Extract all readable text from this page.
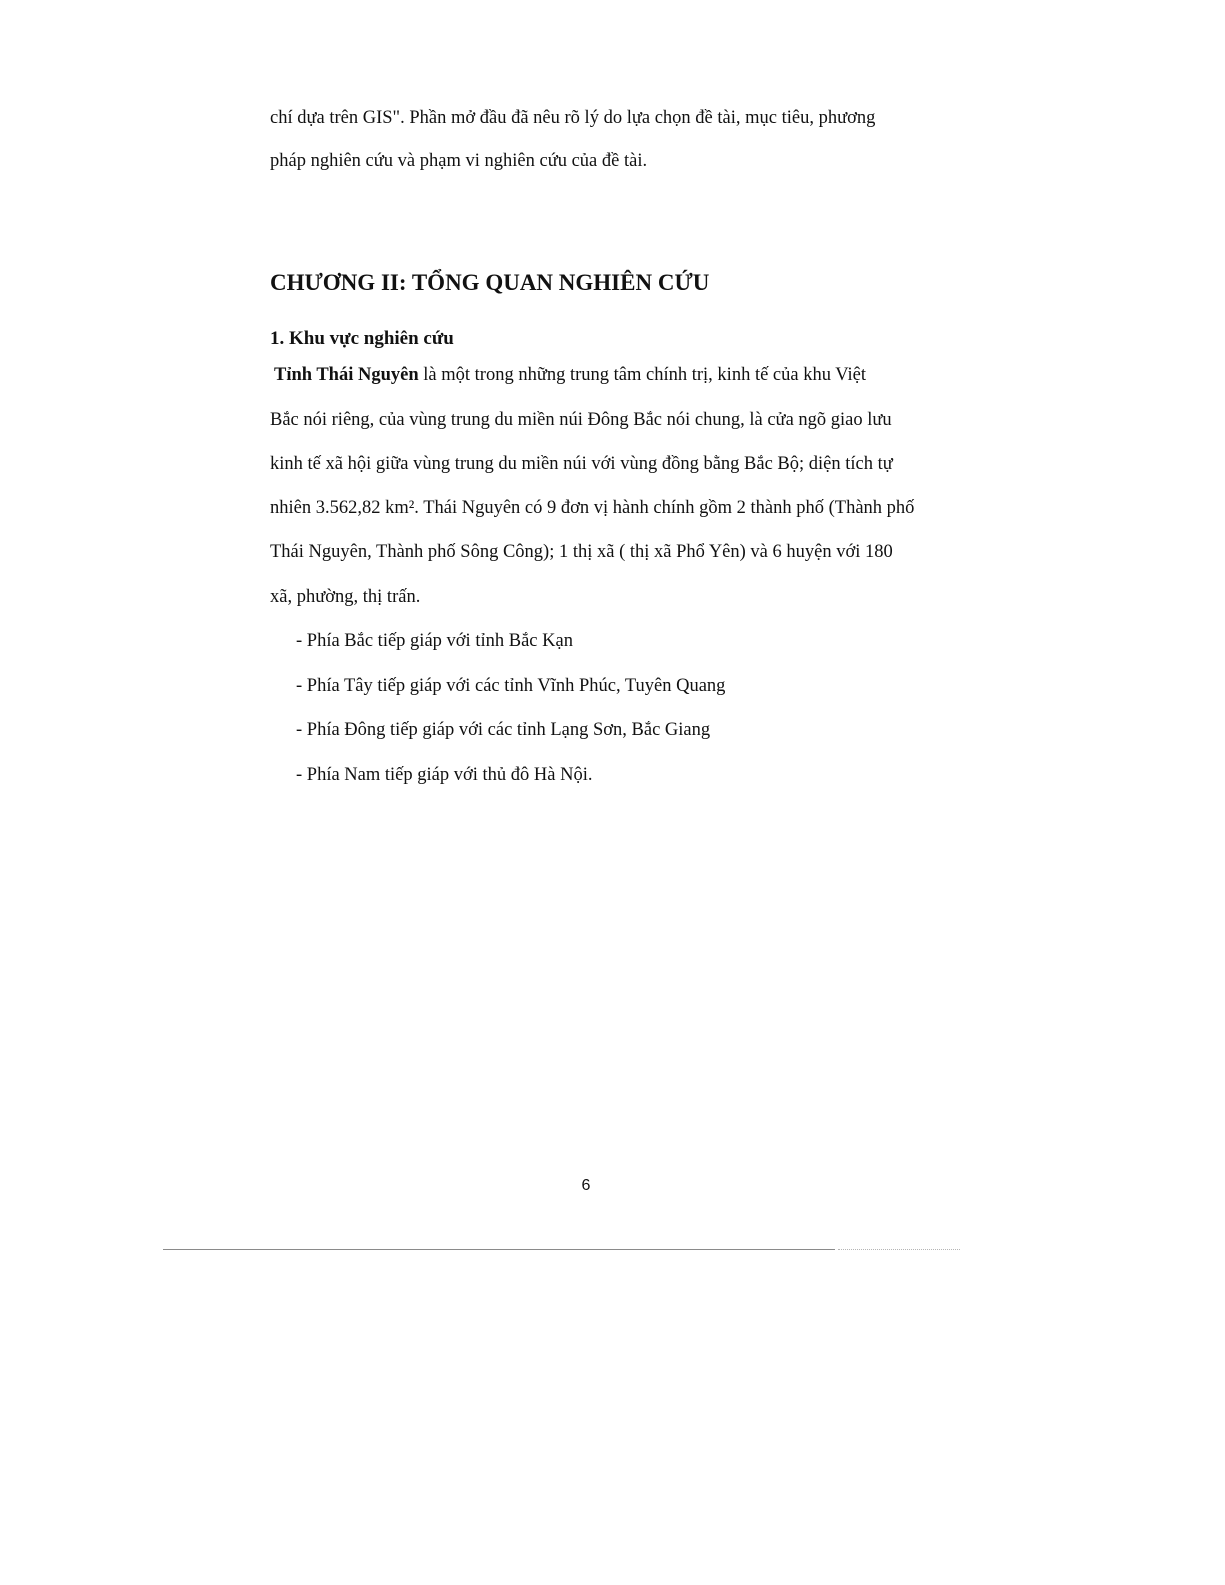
chí dựa trên GIS". Phần mở đầu đã nêu rõ lý do lựa chọn đề tài, mục tiêu, phương
pháp nghiên cứu và phạm vi nghiên cứu của đề tài.
CHƯƠNG II: TỔNG QUAN NGHIÊN CỨU
1. Khu vực nghiên cứu
Tỉnh Thái Nguyên là một trong những trung tâm chính trị, kinh tế của khu Việt
Bắc nói riêng, của vùng trung du miền núi Đông Bắc nói chung, là cửa ngõ giao lưu
kinh tế xã hội giữa vùng trung du miền núi với vùng đồng bằng Bắc Bộ; diện tích tự
nhiên 3.562,82 km². Thái Nguyên có 9 đơn vị hành chính gồm 2 thành phố (Thành phố
Thái Nguyên, Thành phố Sông Công); 1 thị xã ( thị xã Phổ Yên) và 6 huyện với 180
xã, phường, thị trấn.
- Phía Bắc tiếp giáp với tỉnh Bắc Kạn
- Phía Tây tiếp giáp với các tỉnh Vĩnh Phúc, Tuyên Quang
- Phía Đông tiếp giáp với các tỉnh Lạng Sơn, Bắc Giang
- Phía Nam tiếp giáp với thủ đô Hà Nội.
6
